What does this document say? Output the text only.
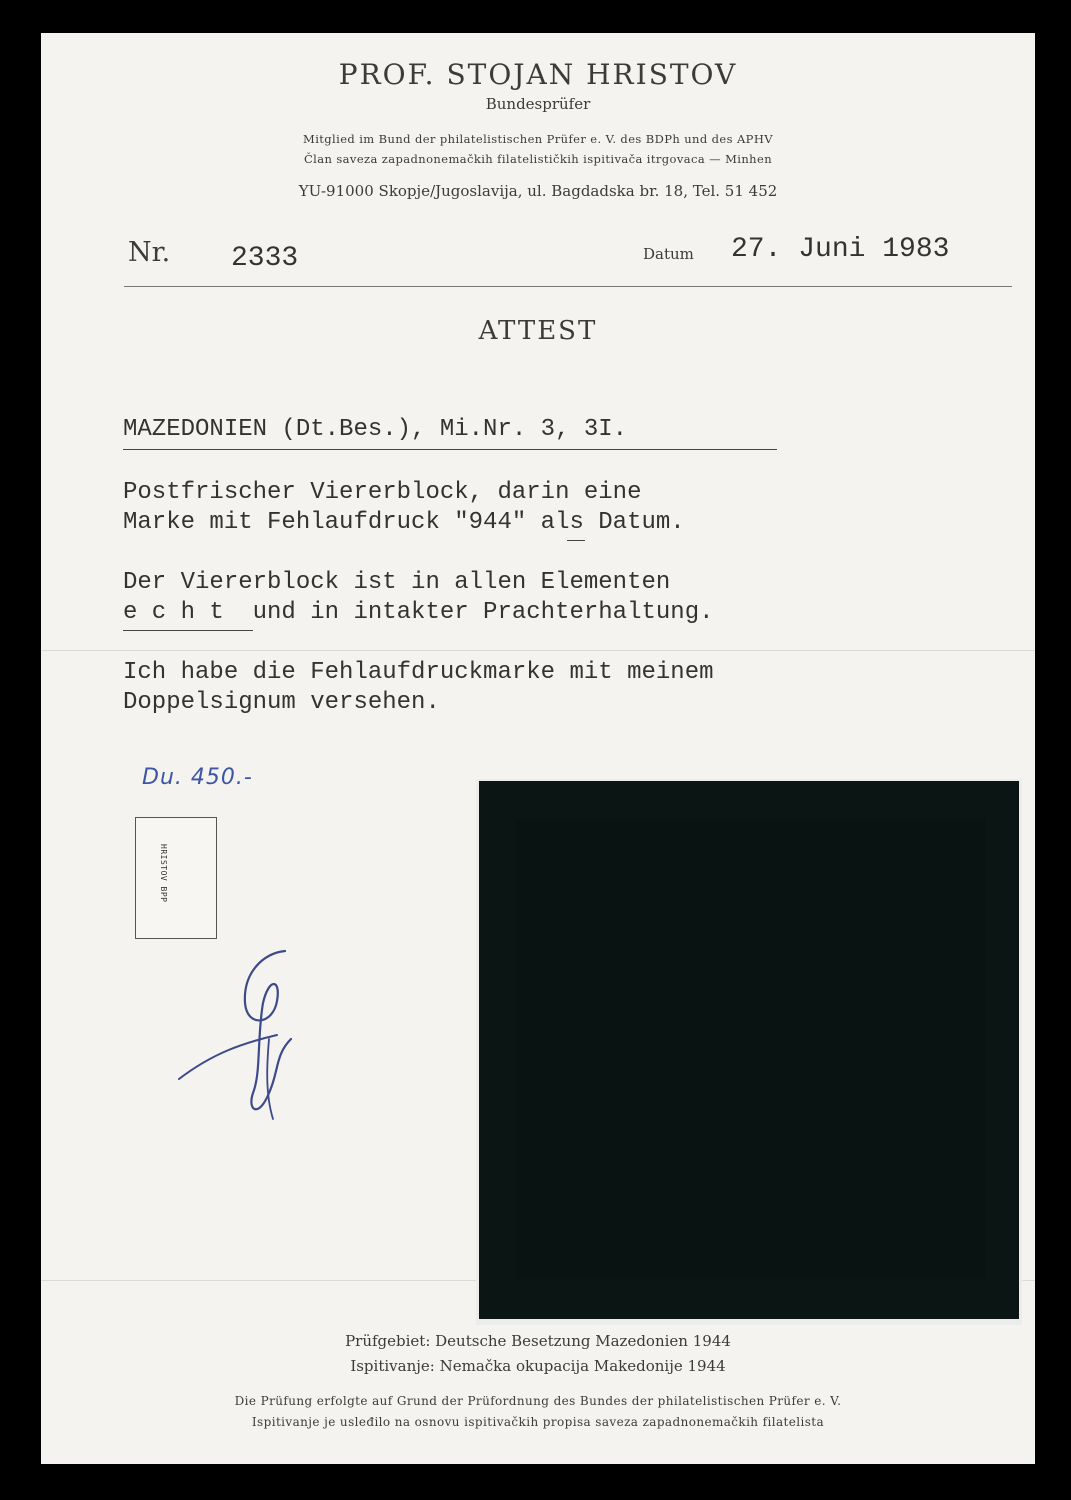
PROF. STOJAN HRISTOV
Bundesprüfer
Mitglied im Bund der philatelistischen Prüfer e. V. des BDPh und des APHV
Član saveza zapadnonemačkih filatelističkih ispitivača itrgovaca — Minhen
YU-91000 Skopje/Jugoslavija, ul. Bagdadska br. 18, Tel. 51 452
Nr. 2333	Datum 27. Juni 1983
ATTEST
MAZEDONIEN (Dt.Bes.), Mi.Nr. 3, 3I.
Postfrischer Viererblock, darin eine
Marke mit Fehlaufdruck "944" als Datum.
Der Viererblock ist in allen Elementen
e c h t  und in intakter Prachterhaltung.
Ich habe die Fehlaufdruckmarke mit meinem
Doppelsignum versehen.
Du. 450.-
HRISTOV BPP
Prüfgebiet: Deutsche Besetzung Mazedonien 1944
Ispitivanje: Nemačka okupacija Makedonije 1944
Die Prüfung erfolgte auf Grund der Prüfordnung des Bundes der philatelistischen Prüfer e. V.
Ispitivanje je usleđilo na osnovu ispitivačkih propisa saveza zapadnonemačkih filatelista
